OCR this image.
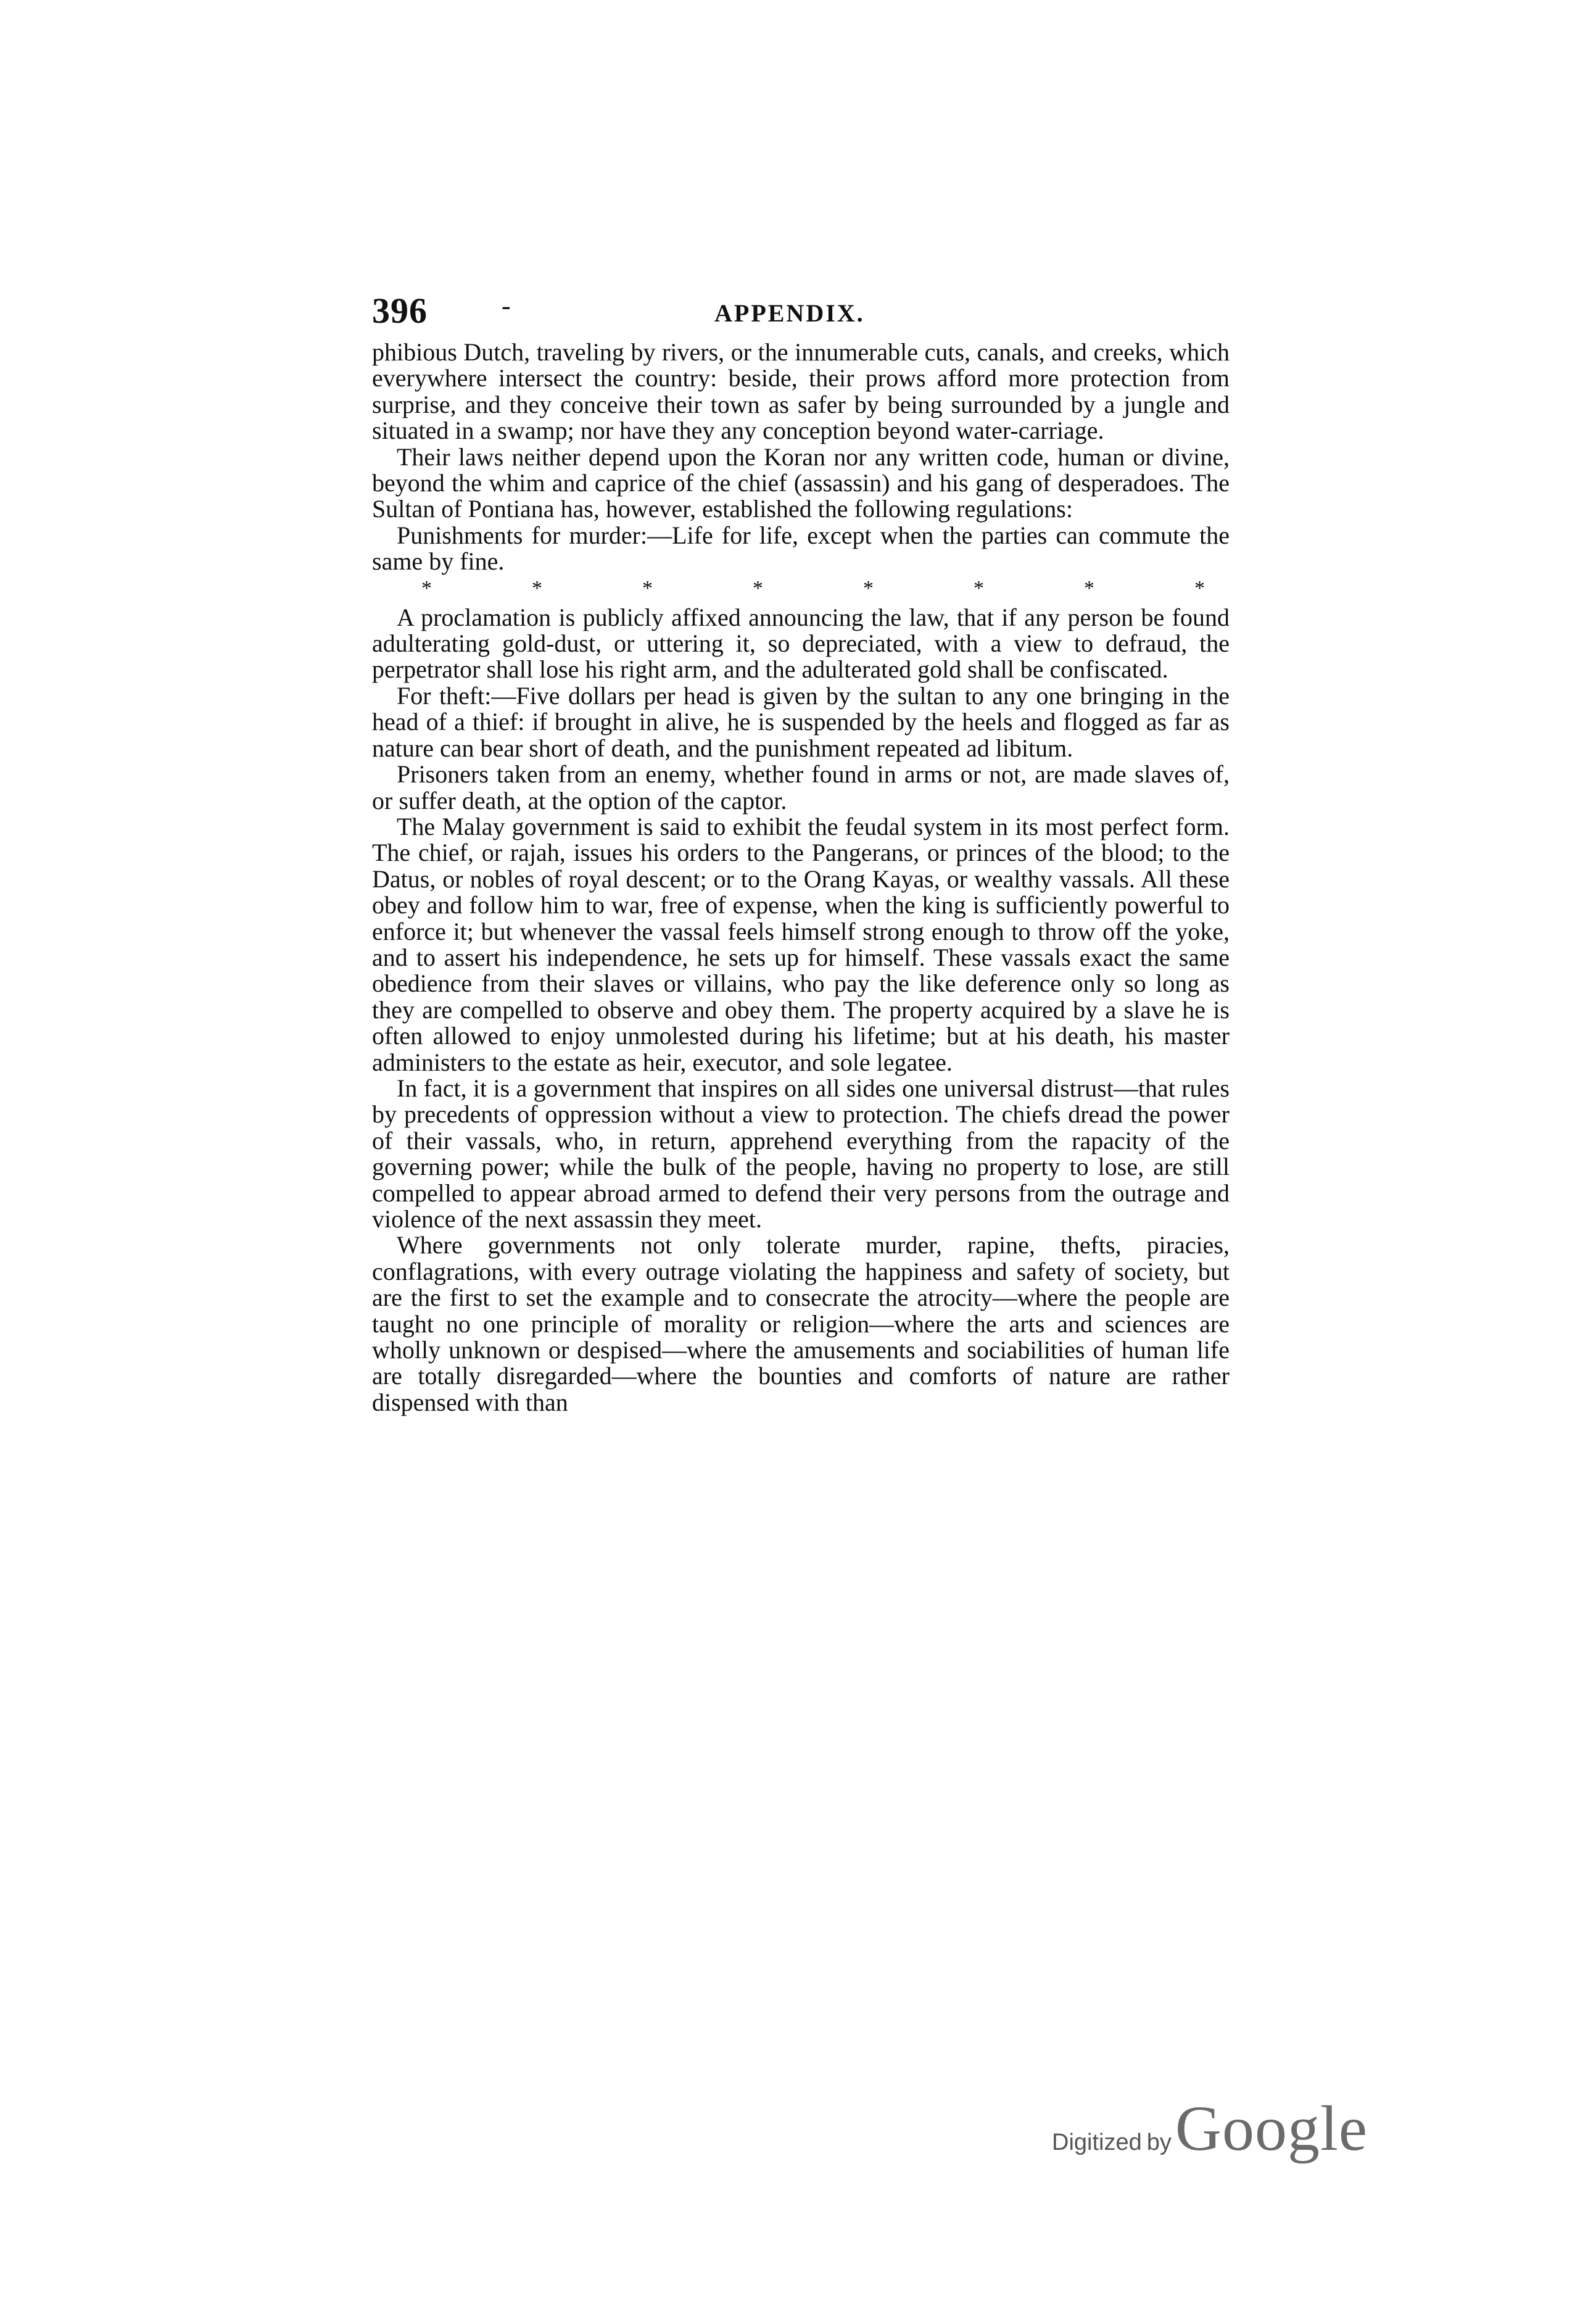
396	-	APPENDIX.

phibious Dutch, traveling by rivers, or the innumerable cuts, canals, and creeks, which everywhere intersect the country: beside, their prows afford more protection from surprise, and they conceive their town as safer by being surrounded by a jungle and situated in a swamp; nor have they any conception beyond water-carriage.

Their laws neither depend upon the Koran nor any written code, human or divine, beyond the whim and caprice of the chief (assassin) and his gang of desperadoes. The Sultan of Pontiana has, however, established the following regulations:

Punishments for murder:—Life for life, except when the parties can commute the same by fine.

*	*	*	*	*	*	*	*

A proclamation is publicly affixed announcing the law, that if any person be found adulterating gold-dust, or uttering it, so depreciated, with a view to defraud, the perpetrator shall lose his right arm, and the adulterated gold shall be confiscated.

For theft:—Five dollars per head is given by the sultan to any one bringing in the head of a thief: if brought in alive, he is suspended by the heels and flogged as far as nature can bear short of death, and the punishment repeated ad libitum.

Prisoners taken from an enemy, whether found in arms or not, are made slaves of, or suffer death, at the option of the captor.

The Malay government is said to exhibit the feudal system in its most perfect form. The chief, or rajah, issues his orders to the Pangerans, or princes of the blood; to the Datus, or nobles of royal descent; or to the Orang Kayas, or wealthy vassals. All these obey and follow him to war, free of expense, when the king is sufficiently powerful to enforce it; but whenever the vassal feels himself strong enough to throw off the yoke, and to assert his independence, he sets up for himself. These vassals exact the same obedience from their slaves or villains, who pay the like deference only so long as they are compelled to observe and obey them. The property acquired by a slave he is often allowed to enjoy unmolested during his lifetime; but at his death, his master administers to the estate as heir, executor, and sole legatee.

In fact, it is a government that inspires on all sides one universal distrust—that rules by precedents of oppression without a view to protection. The chiefs dread the power of their vassals, who, in return, apprehend everything from the rapacity of the governing power; while the bulk of the people, having no property to lose, are still compelled to appear abroad armed to defend their very persons from the outrage and violence of the next assassin they meet.

Where governments not only tolerate murder, rapine, thefts, piracies, conflagrations, with every outrage violating the happiness and safety of society, but are the first to set the example and to consecrate the atrocity—where the people are taught no one principle of morality or religion—where the arts and sciences are wholly unknown or despised—where the amusements and sociabilities of human life are totally disregarded—where the bounties and comforts of nature are rather dispensed with than

Digitized by Google
